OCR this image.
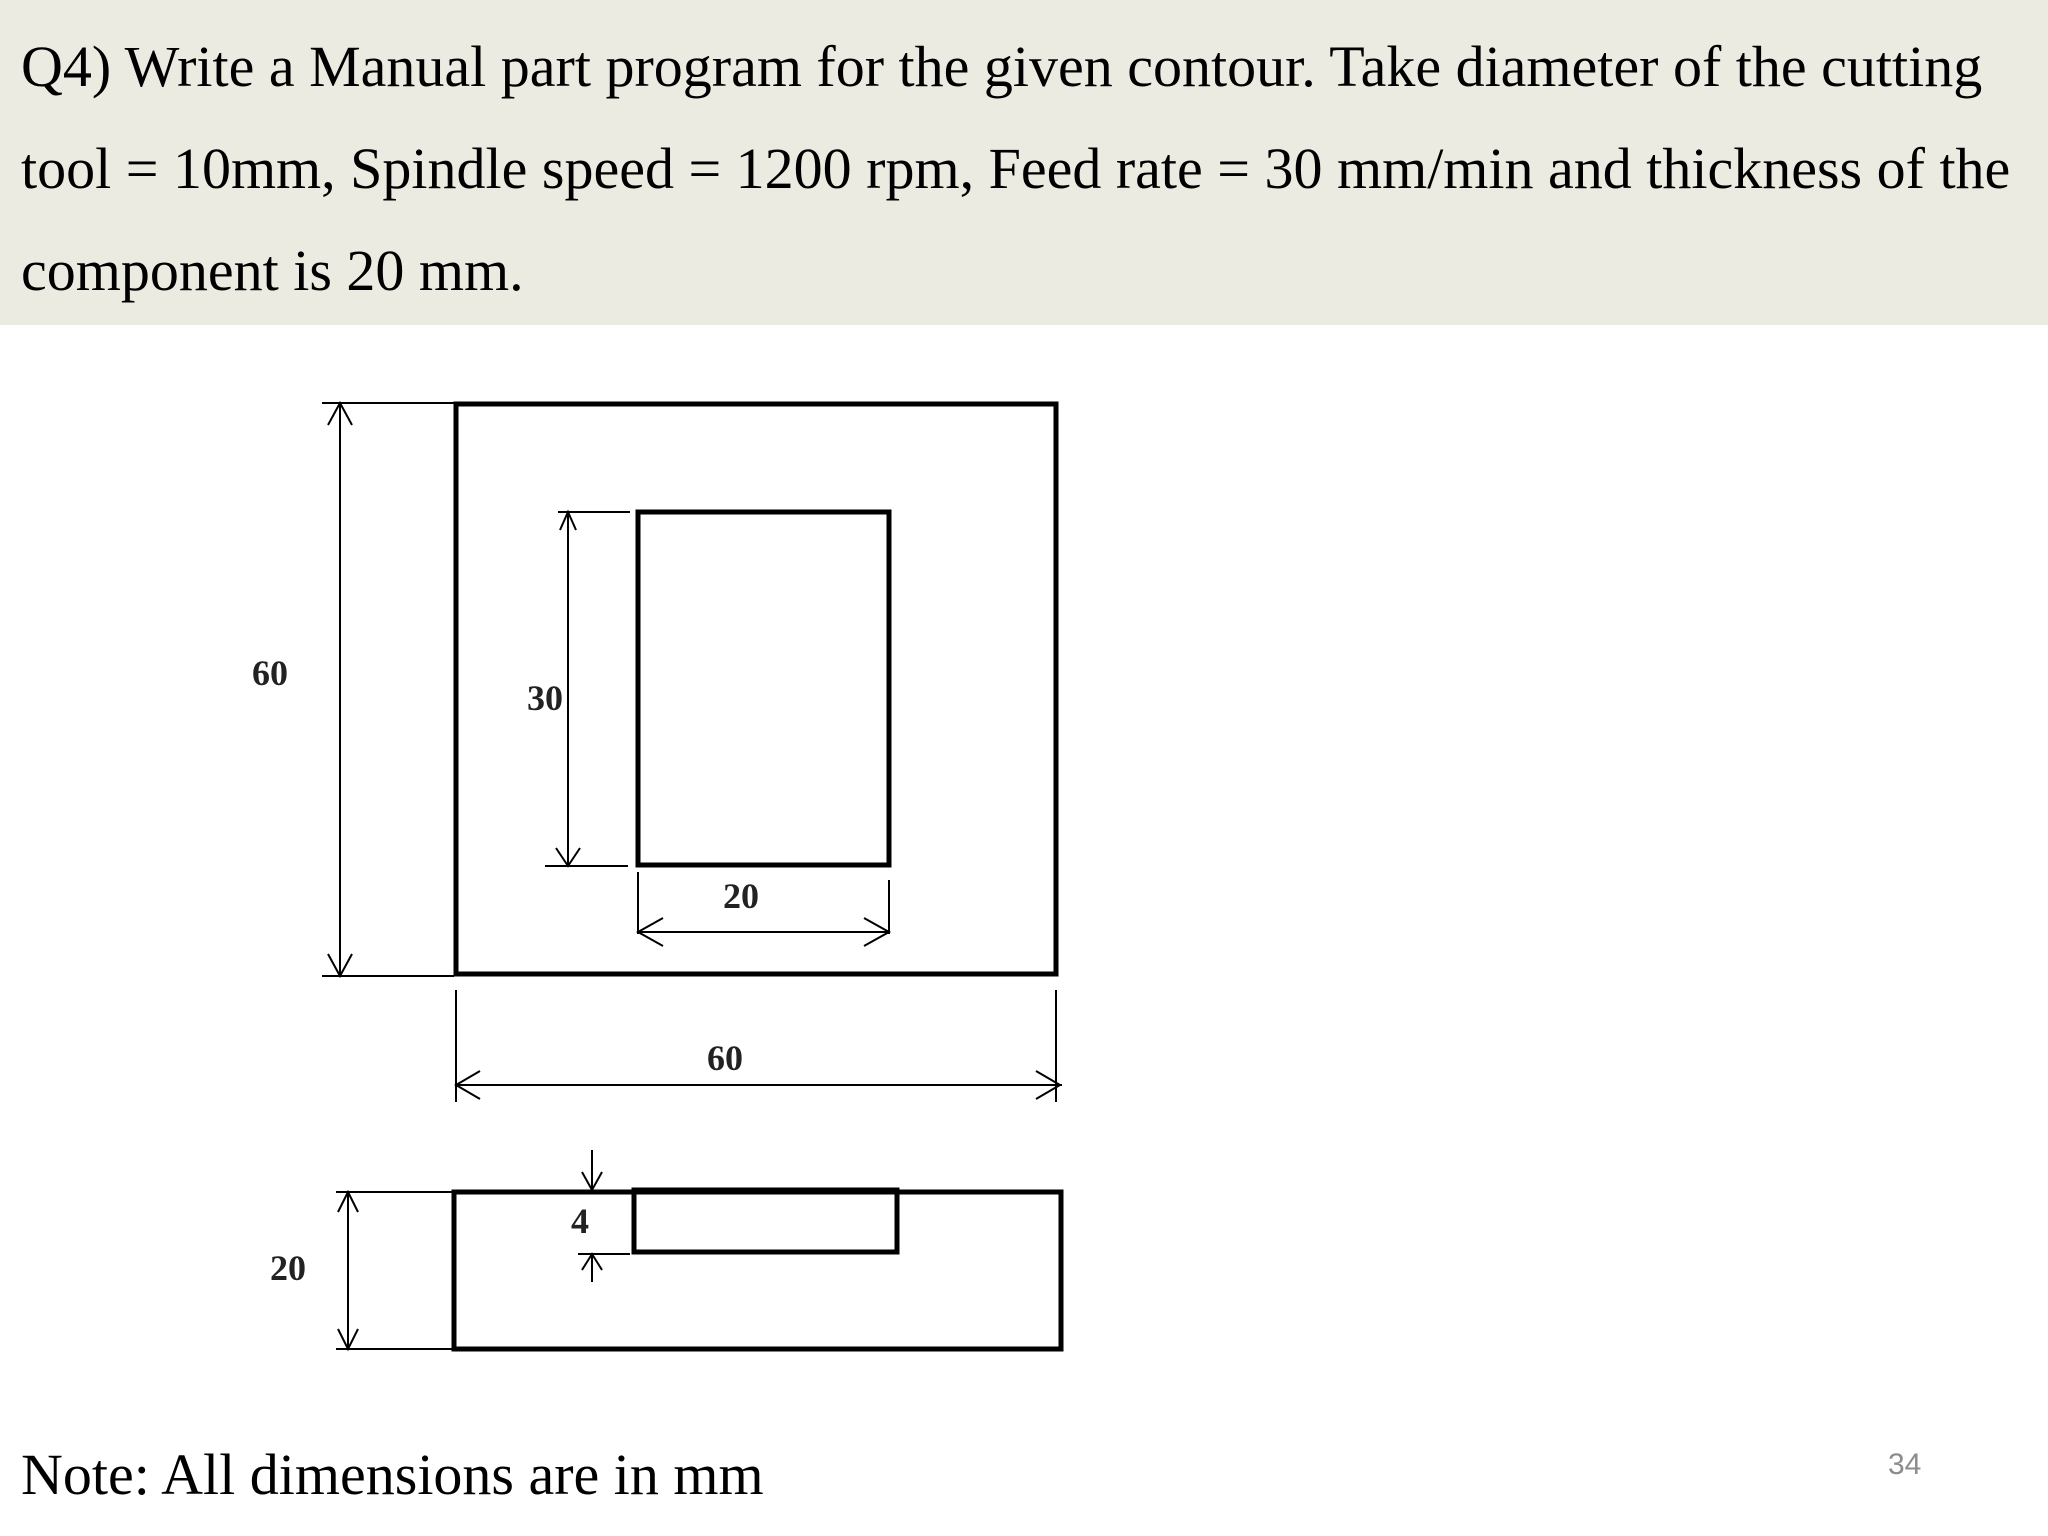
Q4) Write a Manual part program for the given contour. Take diameter of the cutting tool = 10mm, Spindle speed = 1200 rpm, Feed rate = 30 mm/min and thickness of the component is 20 mm.

60
30
20
60
20
4

Note: All dimensions are in mm	34
